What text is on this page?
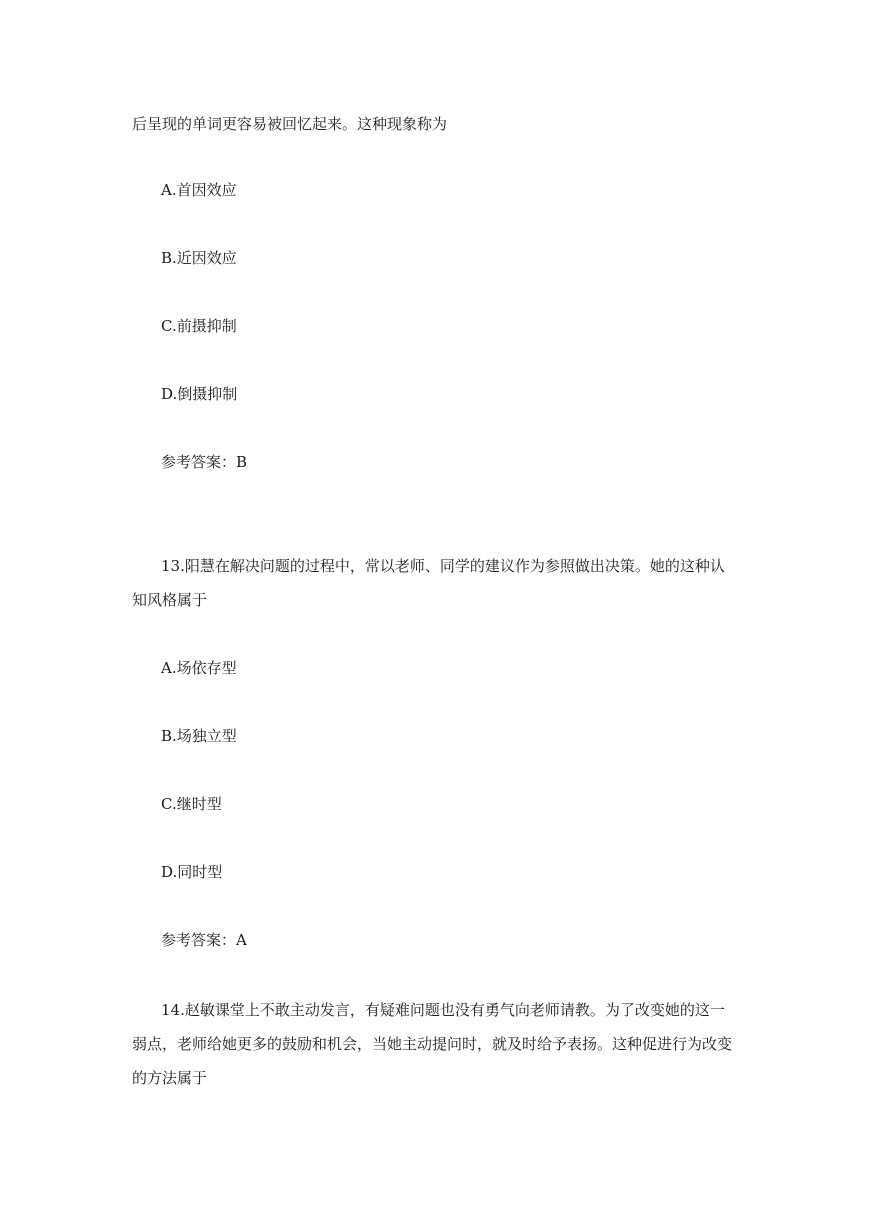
后呈现的单词更容易被回忆起来。这种现象称为
A.首因效应
B.近因效应
C.前摄抑制
D.倒摄抑制
参考答案：B
13.阳慧在解决问题的过程中，常以老师、同学的建议作为参照做出决策。她的这种认
知风格属于
A.场依存型
B.场独立型
C.继时型
D.同时型
参考答案：A
14.赵敏课堂上不敢主动发言，有疑难问题也没有勇气向老师请教。为了改变她的这一
弱点，老师给她更多的鼓励和机会，当她主动提问时，就及时给予表扬。这种促进行为改变
的方法属于
